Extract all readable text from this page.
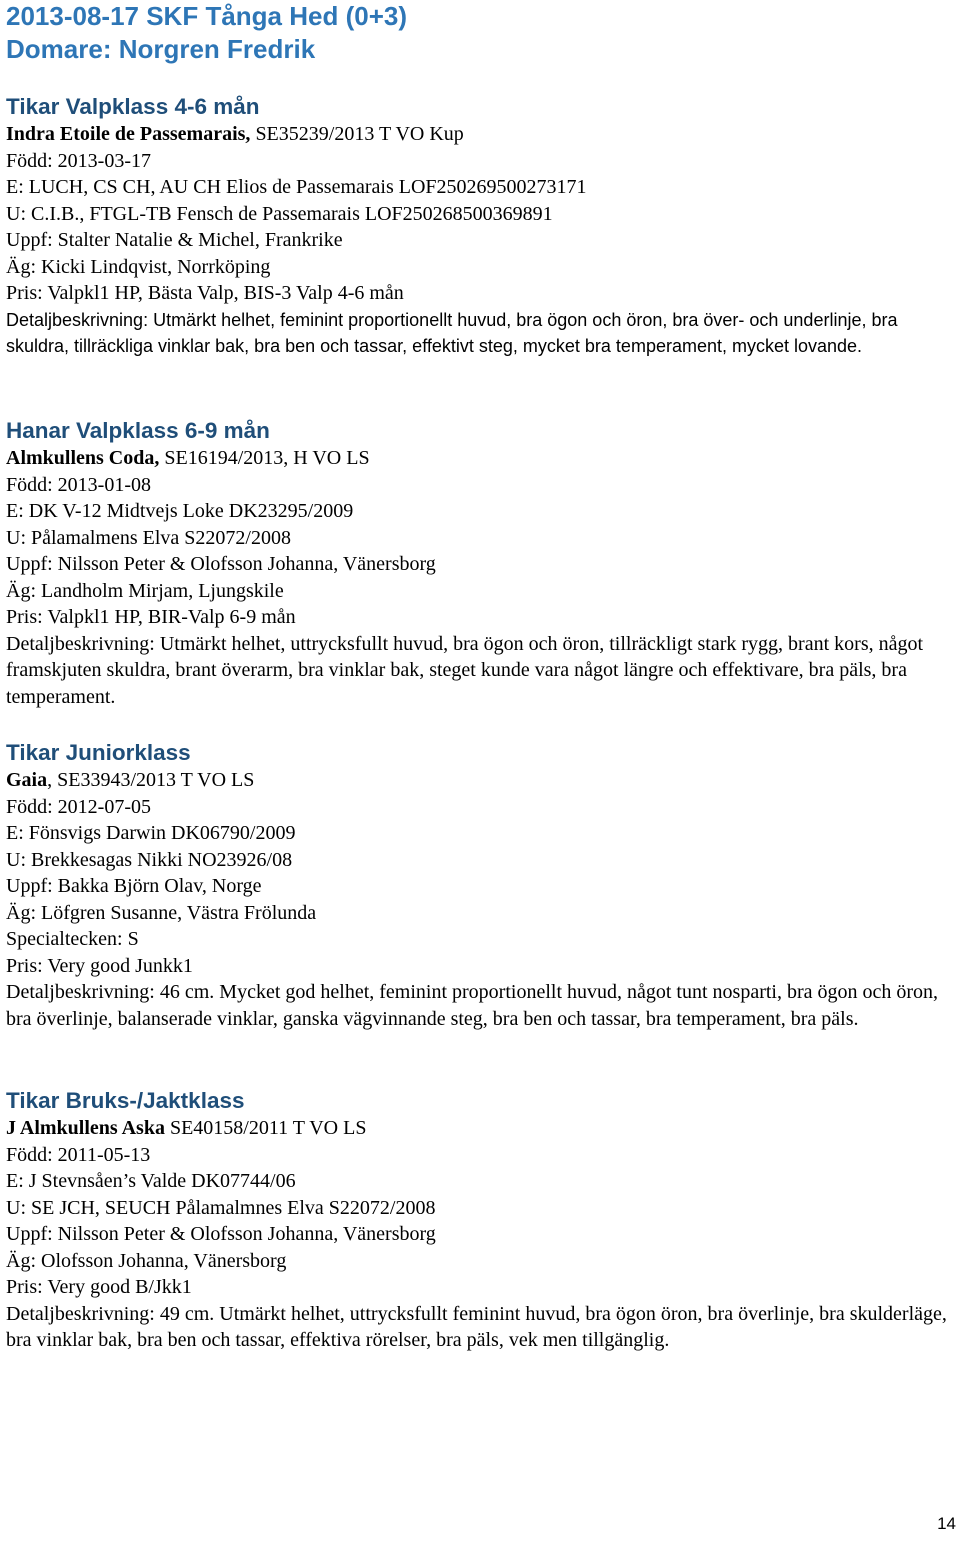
2013-08-17 SKF Tånga Hed (0+3)
Domare: Norgren Fredrik
Tikar Valpklass 4-6 mån
Indra Etoile de Passemarais, SE35239/2013 T VO Kup
Född: 2013-03-17
E: LUCH, CS CH, AU CH Elios de Passemarais LOF250269500273171
U: C.I.B., FTGL-TB Fensch de Passemarais LOF250268500369891
Uppf: Stalter Natalie & Michel, Frankrike
Äg: Kicki Lindqvist, Norrköping
Pris: Valpkl1 HP, Bästa Valp, BIS-3 Valp 4-6 mån
Detaljbeskrivning: Utmärkt helhet, feminint proportionellt huvud, bra ögon och öron, bra över- och underlinje, bra skuldra, tillräckliga vinklar bak, bra ben och tassar, effektivt steg, mycket bra temperament, mycket lovande.
Hanar Valpklass 6-9 mån
Almkullens Coda, SE16194/2013, H VO LS
Född: 2013-01-08
E: DK V-12 Midtvejs Loke DK23295/2009
U: Pålamalmens Elva S22072/2008
Uppf: Nilsson Peter & Olofsson Johanna, Vänersborg
Äg: Landholm Mirjam, Ljungskile
Pris: Valpkl1 HP, BIR-Valp 6-9 mån
Detaljbeskrivning: Utmärkt helhet, uttrycksfullt huvud, bra ögon och öron, tillräckligt stark rygg, brant kors, något framskjuten skuldra, brant överarm, bra vinklar bak, steget kunde vara något längre och effektivare, bra päls, bra temperament.
Tikar Juniorklass
Gaia, SE33943/2013 T VO LS
Född: 2012-07-05
E: Fönsvigs Darwin DK06790/2009
U: Brekkesagas Nikki NO23926/08
Uppf: Bakka Björn Olav, Norge
Äg: Löfgren Susanne, Västra Frölunda
Specialtecken: S
Pris: Very good Junkk1
Detaljbeskrivning: 46 cm. Mycket god helhet, feminint proportionellt huvud, något tunt nosparti, bra ögon och öron, bra överlinje, balanserade vinklar, ganska vägvinnande steg, bra ben och tassar, bra temperament, bra päls.
Tikar Bruks-/Jaktklass
J Almkullens Aska SE40158/2011 T VO LS
Född: 2011-05-13
E: J Stevnsåen’s Valde DK07744/06
U: SE JCH, SEUCH Pålamalmnes Elva S22072/2008
Uppf: Nilsson Peter & Olofsson Johanna, Vänersborg
Äg: Olofsson Johanna, Vänersborg
Pris: Very good B/Jkk1
Detaljbeskrivning: 49 cm. Utmärkt helhet, uttrycksfullt feminint huvud, bra ögon öron, bra överlinje, bra skulderläge, bra vinklar bak, bra ben och tassar, effektiva rörelser, bra päls, vek men tillgänglig.
14
